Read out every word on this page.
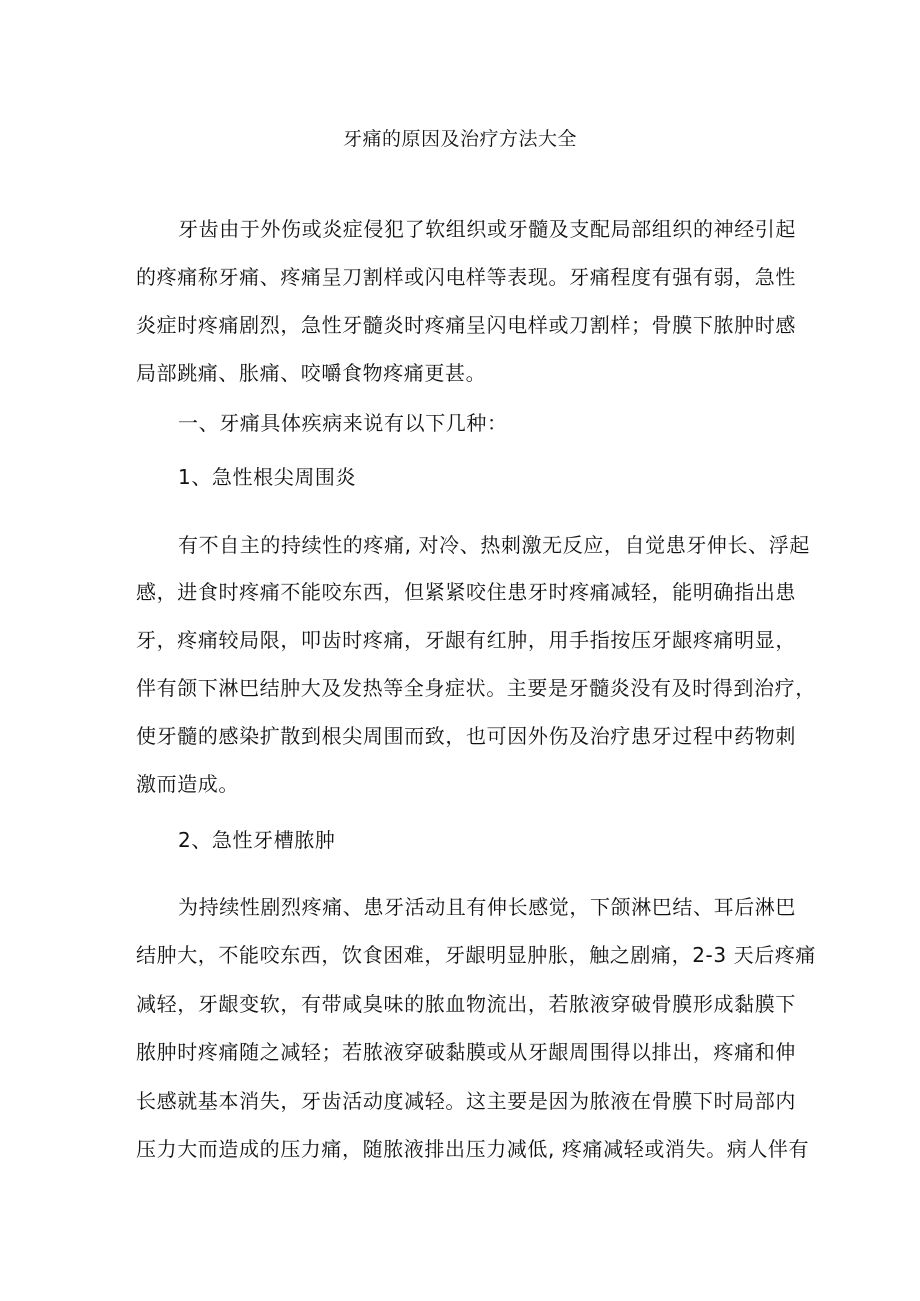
牙痛的原因及治疗方法大全
牙齿由于外伤或炎症侵犯了软组织或牙髓及支配局部组织的神经引起
的疼痛称牙痛、疼痛呈刀割样或闪电样等表现。牙痛程度有强有弱，急性
炎症时疼痛剧烈，急性牙髓炎时疼痛呈闪电样或刀割样；骨膜下脓肿时感
局部跳痛、胀痛、咬嚼食物疼痛更甚。
一、牙痛具体疾病来说有以下几种：
1、急性根尖周围炎
有不自主的持续性的疼痛, 对冷、热刺激无反应，自觉患牙伸长、浮起
感，进食时疼痛不能咬东西，但紧紧咬住患牙时疼痛减轻，能明确指出患
牙，疼痛较局限，叩齿时疼痛，牙龈有红肿，用手指按压牙龈疼痛明显，
伴有颌下淋巴结肿大及发热等全身症状。主要是牙髓炎没有及时得到治疗，
使牙髓的感染扩散到根尖周围而致，也可因外伤及治疗患牙过程中药物刺
激而造成。
2、急性牙槽脓肿
为持续性剧烈疼痛、患牙活动且有伸长感觉，下颌淋巴结、耳后淋巴
结肿大，不能咬东西，饮食困难，牙龈明显肿胀，触之剧痛，2-3 天后疼痛
减轻，牙龈变软，有带咸臭味的脓血物流出，若脓液穿破骨膜形成黏膜下
脓肿时疼痛随之减轻；若脓液穿破黏膜或从牙龈周围得以排出，疼痛和伸
长感就基本消失，牙齿活动度减轻。这主要是因为脓液在骨膜下时局部内
压力大而造成的压力痛，随脓液排出压力减低, 疼痛减轻或消失。病人伴有
